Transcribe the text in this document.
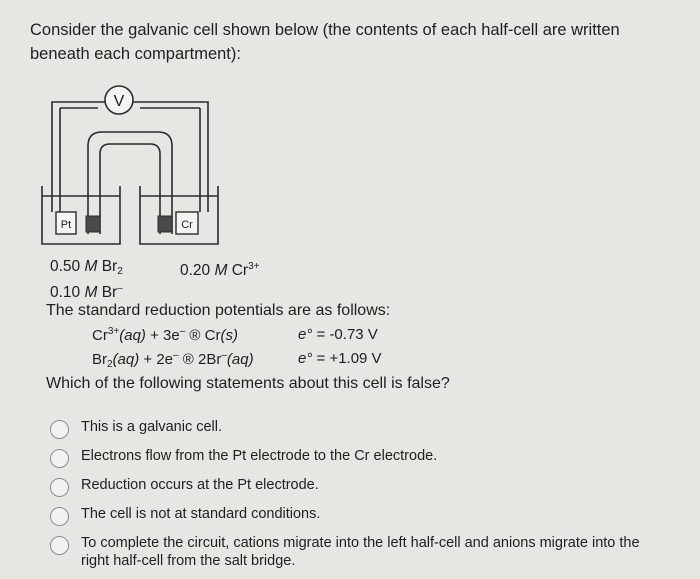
Consider the galvanic cell shown below (the contents of each half-cell are written beneath each compartment):
V
Pt	Cr
0.50 M $Br_2$	0.20 M $Cr^{3+}$
0.10 M Br–
The standard reduction potentials are as follows:
$Cr^{3+}(aq) + 3e^-$ ® Cr(s)	e° = -0.73 V
$Br_2(aq) + 2e^-$ ® 2Br–(aq)	e° = +1.09 V
Which of the following statements about this cell is false?
This is a galvanic cell.
Electrons flow from the Pt electrode to the Cr electrode.
Reduction occurs at the Pt electrode.
The cell is not at standard conditions.
To complete the circuit, cations migrate into the left half-cell and anions migrate into the right half-cell from the salt bridge.
